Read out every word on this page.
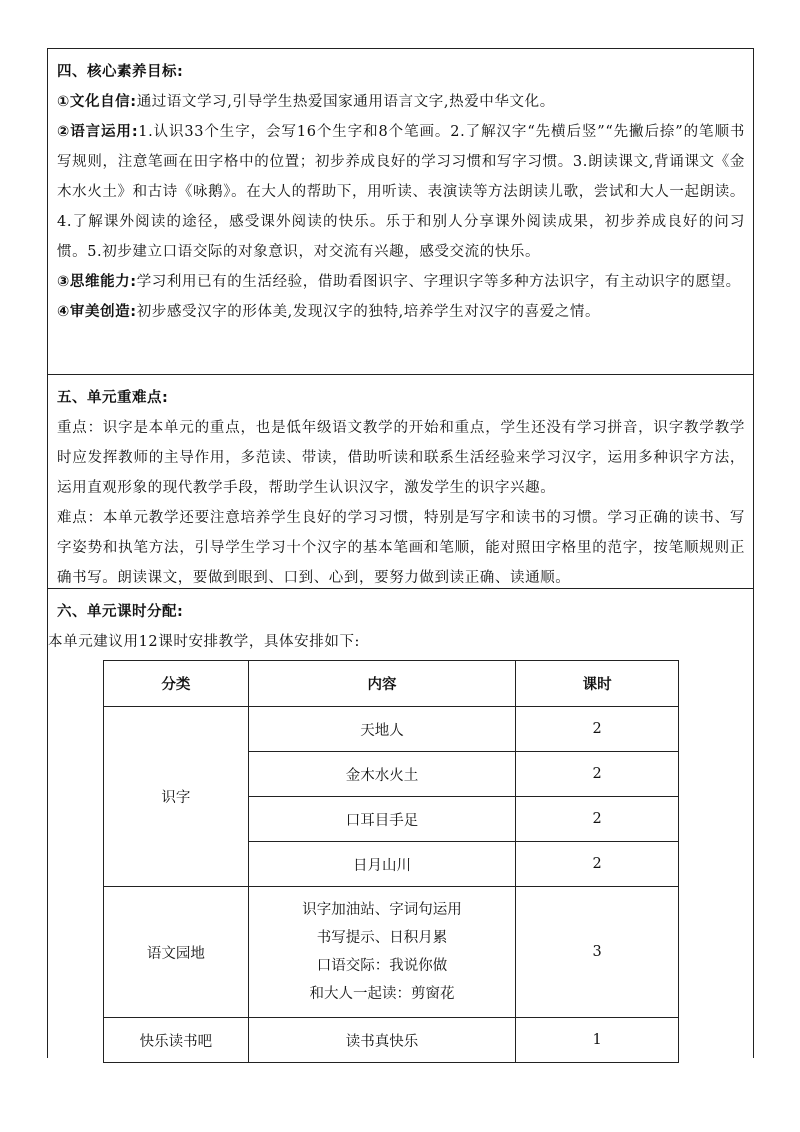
四、核心素养目标:
①文化自信:通过语文学习,引导学生热爱国家通用语言文字,热爱中华文化。
②语言运用:1.认识33个生字，会写16个生字和8个笔画。2.了解汉字“先横后竖”“先撇后捺”的笔顺书写规则，注意笔画在田字格中的位置；初步养成良好的学习习惯和写字习惯。3.朗读课文,背诵课文《金木水火土》和古诗《咏鹅》。在大人的帮助下，用听读、表演读等方法朗读儿歌，尝试和大人一起朗读。4.了解课外阅读的途径，感受课外阅读的快乐。乐于和别人分享课外阅读成果，初步养成良好的问习惯。5.初步建立口语交际的对象意识，对交流有兴趣，感受交流的快乐。
③思维能力:学习利用已有的生活经验，借助看图识字、字理识字等多种方法识字，有主动识字的愿望。
④审美创造:初步感受汉字的形体美,发现汉字的独特,培养学生对汉字的喜爱之情。
五、单元重难点:
重点：识字是本单元的重点，也是低年级语文教学的开始和重点，学生还没有学习拼音，识字教学教学时应发挥教师的主导作用，多范读、带读，借助听读和联系生活经验来学习汉字，运用多种识字方法，运用直观形象的现代教学手段，帮助学生认识汉字，激发学生的识字兴趣。
难点：本单元教学还要注意培养学生良好的学习习惯，特别是写字和读书的习惯。学习正确的读书、写字姿势和执笔方法，引导学生学习十个汉字的基本笔画和笔顺，能对照田字格里的范字，按笔顺规则正确书写。朗读课文，要做到眼到、口到、心到，要努力做到读正确、读通顺。
六、单元课时分配:
本单元建议用12课时安排教学，具体安排如下:
分类	内容	课时
识字	天地人	2
	金木水火土	2
	口耳目手足	2
	日月山川	2
语文园地	识字加油站、字词句运用
书写提示、日积月累
口语交际：我说你做
和大人一起读：剪窗花	3
快乐读书吧	读书真快乐	1
